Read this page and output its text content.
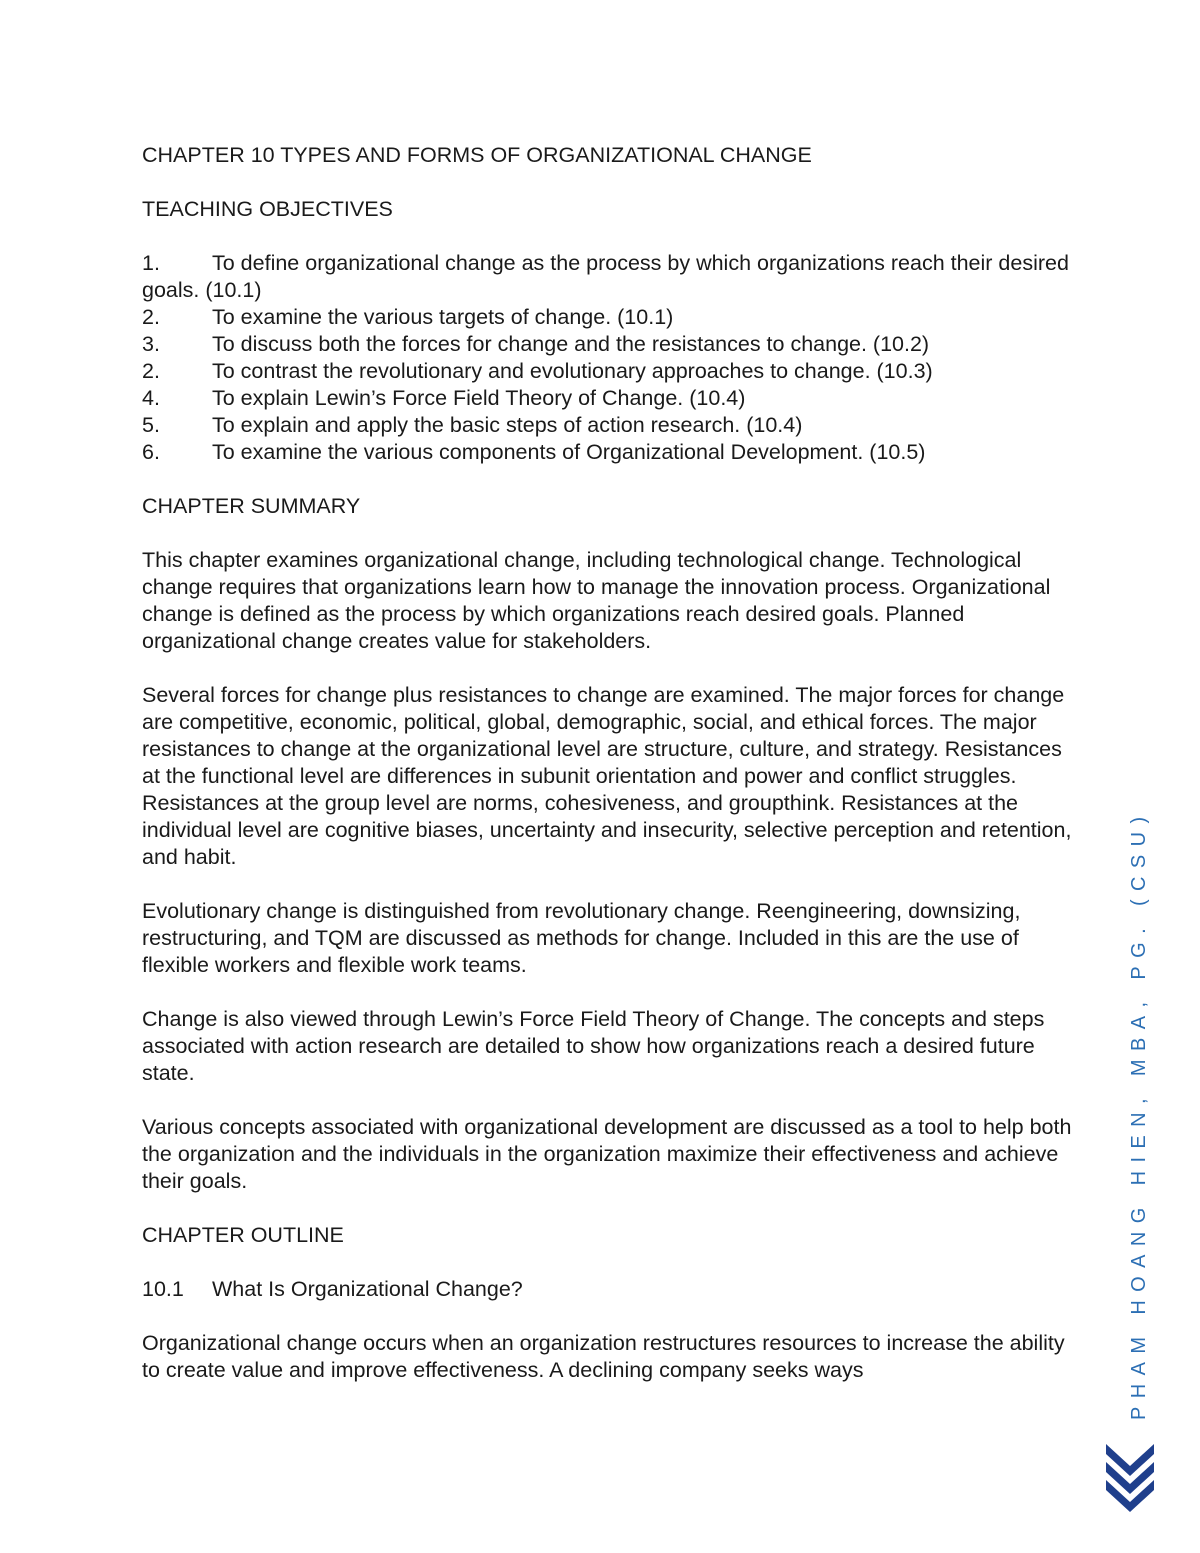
CHAPTER 10 TYPES AND FORMS OF ORGANIZATIONAL CHANGE

TEACHING OBJECTIVES

1. To define organizational change as the process by which organizations reach their desired goals. (10.1)
2.	To examine the various targets of change. (10.1)
3.	To discuss both the forces for change and the resistances to change. (10.2)
2.	To contrast the revolutionary and evolutionary approaches to change. (10.3)
4.	To explain Lewin’s Force Field Theory of Change. (10.4)
5.	To explain and apply the basic steps of action research. (10.4)
6.	To examine the various components of Organizational Development. (10.5)

CHAPTER SUMMARY

This chapter examines organizational change, including technological change. Technological change requires that organizations learn how to manage the innovation process. Organizational change is defined as the process by which organizations reach desired goals. Planned organizational change creates value for stakeholders.

Several forces for change plus resistances to change are examined. The major forces for change are competitive, economic, political, global, demographic, social, and ethical forces. The major resistances to change at the organizational level are structure, culture, and strategy. Resistances at the functional level are differences in subunit orientation and power and conflict struggles. Resistances at the group level are norms, cohesiveness, and groupthink. Resistances at the individual level are cognitive biases, uncertainty and insecurity, selective perception and retention, and habit.

Evolutionary change is distinguished from revolutionary change. Reengineering, downsizing, restructuring, and TQM are discussed as methods for change. Included in this are the use of flexible workers and flexible work teams.

Change is also viewed through Lewin’s Force Field Theory of Change. The concepts and steps associated with action research are detailed to show how organizations reach a desired future state.

Various concepts associated with organizational development are discussed as a tool to help both the organization and the individuals in the organization maximize their effectiveness and achieve their goals.

CHAPTER OUTLINE

10.1	What Is Organizational Change?

Organizational change occurs when an organization restructures resources to increase the ability to create value and improve effectiveness. A declining company seeks ways	PHAM HOANG HIEN, MBA, PG. (CSU)
